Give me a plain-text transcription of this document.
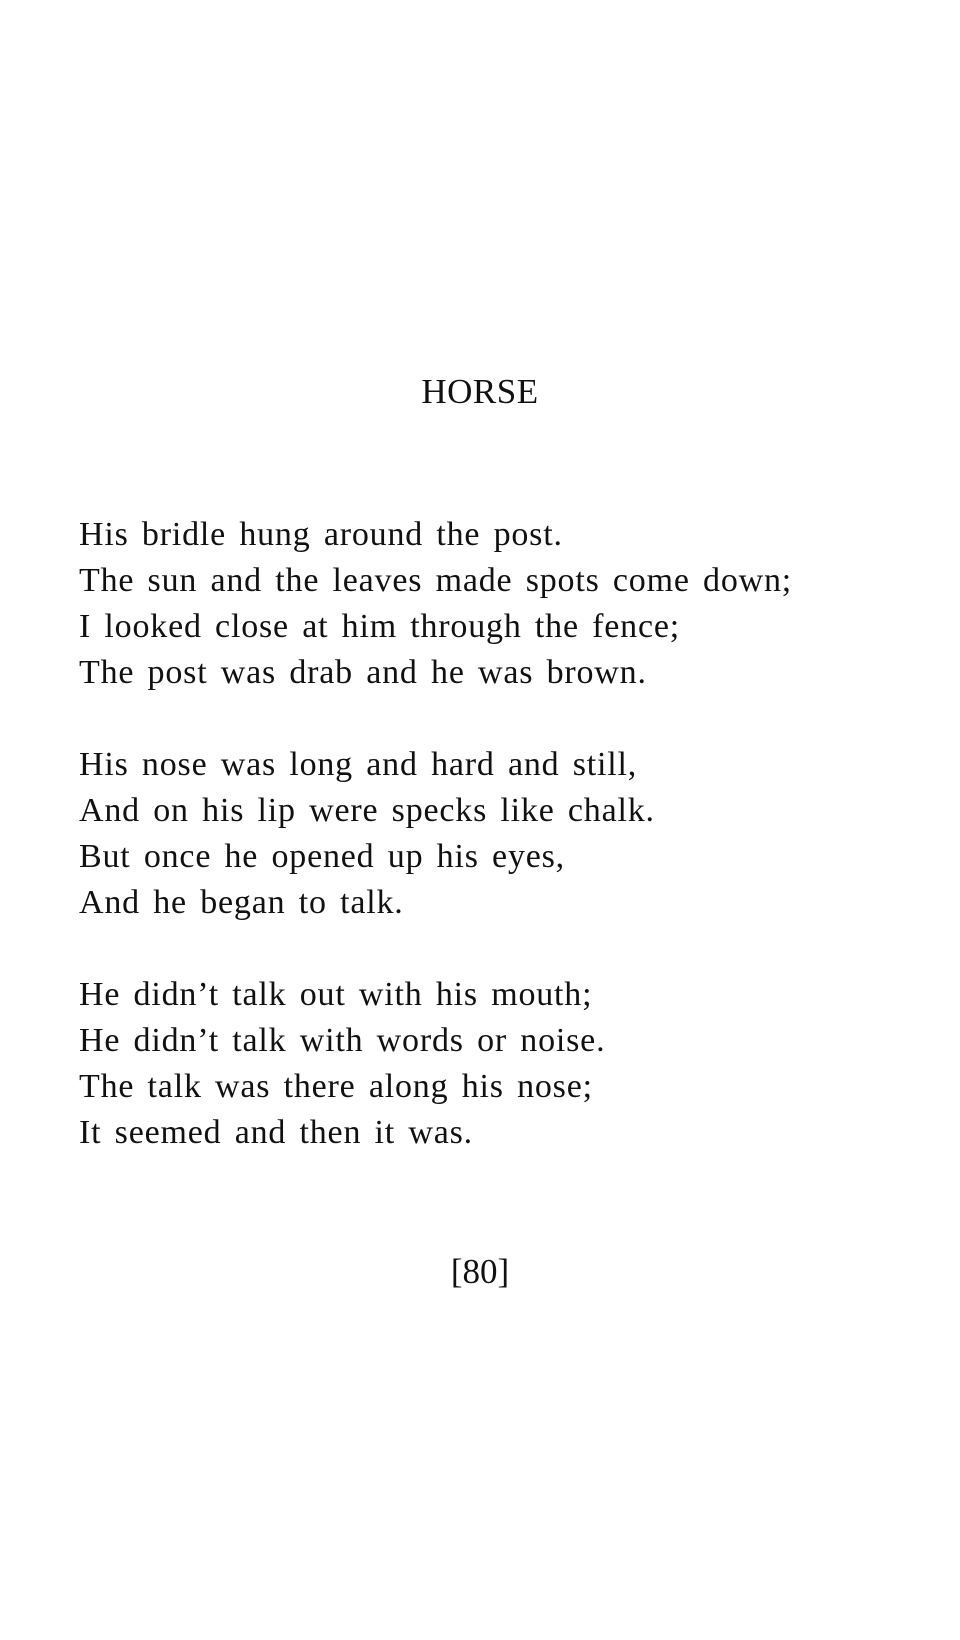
HORSE
His bridle hung around the post.
The sun and the leaves made spots come down;
I looked close at him through the fence;
The post was drab and he was brown.
His nose was long and hard and still,
And on his lip were specks like chalk.
But once he opened up his eyes,
And he began to talk.
He didn’t talk out with his mouth;
He didn’t talk with words or noise.
The talk was there along his nose;
It seemed and then it was.
[80]
